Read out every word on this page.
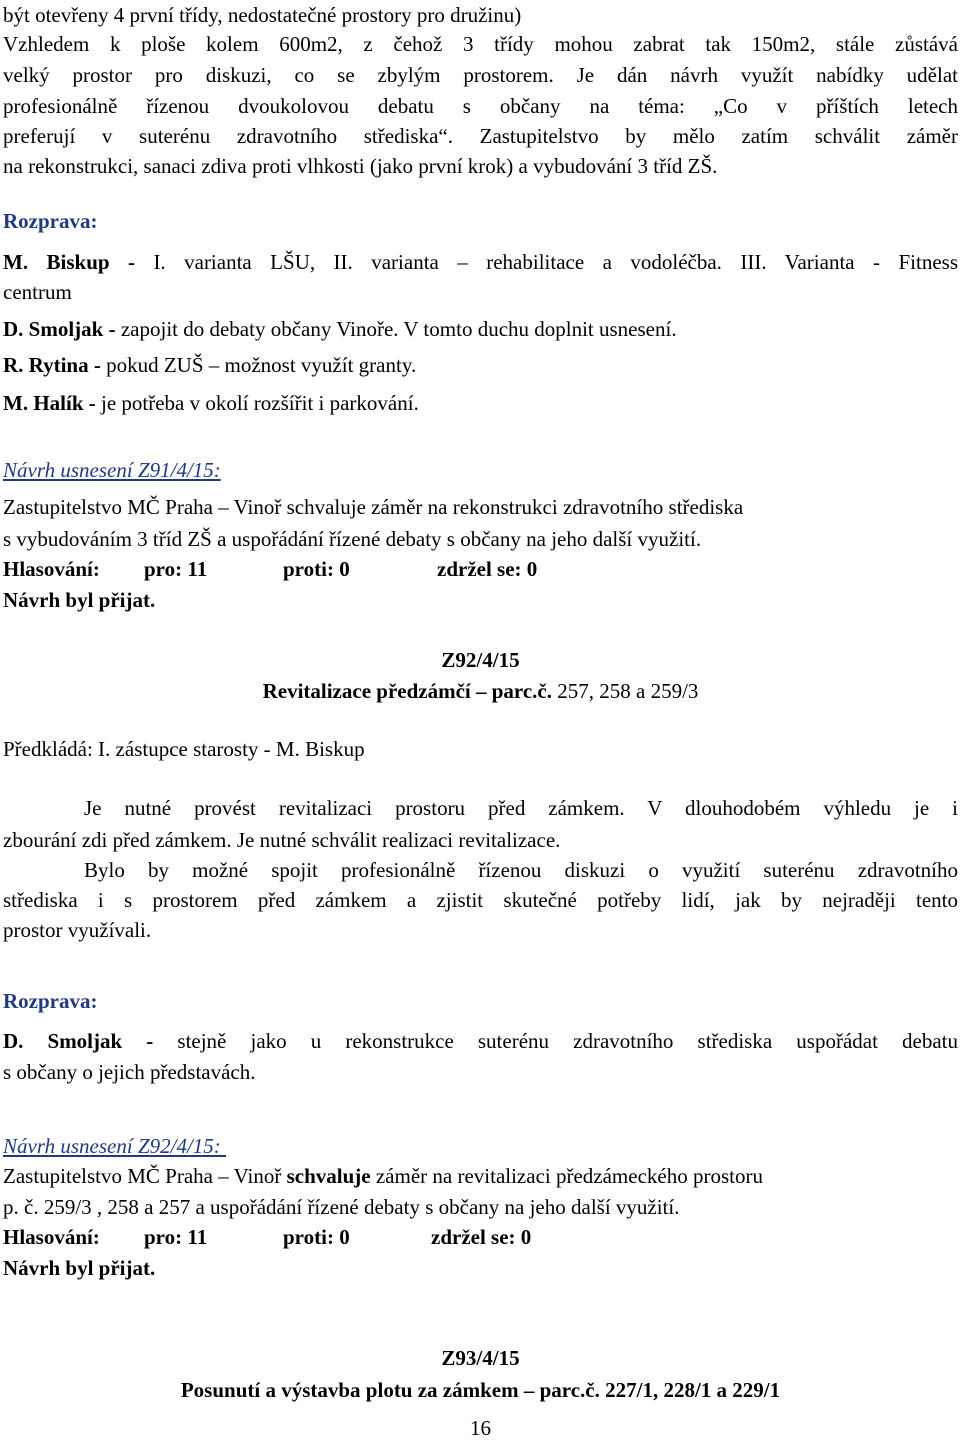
být otevřeny 4 první třídy, nedostatečné prostory pro družinu)
Vzhledem k ploše kolem 600m2, z čehož 3 třídy mohou zabrat tak 150m2, stále zůstává
velký prostor pro diskuzi, co se zbylým prostorem. Je dán návrh využít nabídky udělat
profesionálně řízenou dvoukolovou debatu s občany na téma: „Co v příštích letech
preferují v suterénu zdravotního střediska“. Zastupitelstvo by mělo zatím schválit záměr
na rekonstrukci, sanaci zdiva proti vlhkosti (jako první krok) a vybudování 3 tříd ZŠ.
Rozprava:
M. Biskup - I. varianta LŠU, II. varianta – rehabilitace a vodoléčba. III. Varianta - Fitness
centrum
D. Smoljak - zapojit do debaty občany Vinoře. V tomto duchu doplnit usnesení.
R. Rytina - pokud ZUŠ – možnost využít granty.
M. Halík - je potřeba v okolí rozšířit i parkování.
Návrh usnesení Z91/4/15:
Zastupitelstvo MČ Praha – Vinoř schvaluje záměr na rekonstrukci zdravotního střediska
s vybudováním 3 tříd ZŠ a uspořádání řízené debaty s občany na jeho další využití.
Hlasování: pro: 11	proti: 0	zdržel se: 0
Návrh byl přijat.
Z92/4/15
Revitalizace předzámčí – parc.č. 257, 258 a 259/3
Předkládá: I. zástupce starosty - M. Biskup
Je nutné provést revitalizaci prostoru před zámkem. V dlouhodobém výhledu je i
zbourání zdi před zámkem. Je nutné schválit realizaci revitalizace.
Bylo by možné spojit profesionálně řízenou diskuzi o využití suterénu zdravotního
střediska i s prostorem před zámkem a zjistit skutečné potřeby lidí, jak by nejraději tento
prostor využívali.
Rozprava:
D. Smoljak - stejně jako u rekonstrukce suterénu zdravotního střediska uspořádat debatu
s občany o jejich představách.
Návrh usnesení Z92/4/15:
Zastupitelstvo MČ Praha – Vinoř schvaluje záměr na revitalizaci předzámeckého prostoru
p. č. 259/3 , 258 a 257 a uspořádání řízené debaty s občany na jeho další využití.
Hlasování: pro: 11	proti: 0	zdržel se: 0
Návrh byl přijat.
Z93/4/15
Posunutí a výstavba plotu za zámkem – parc.č. 227/1, 228/1 a 229/1
16
